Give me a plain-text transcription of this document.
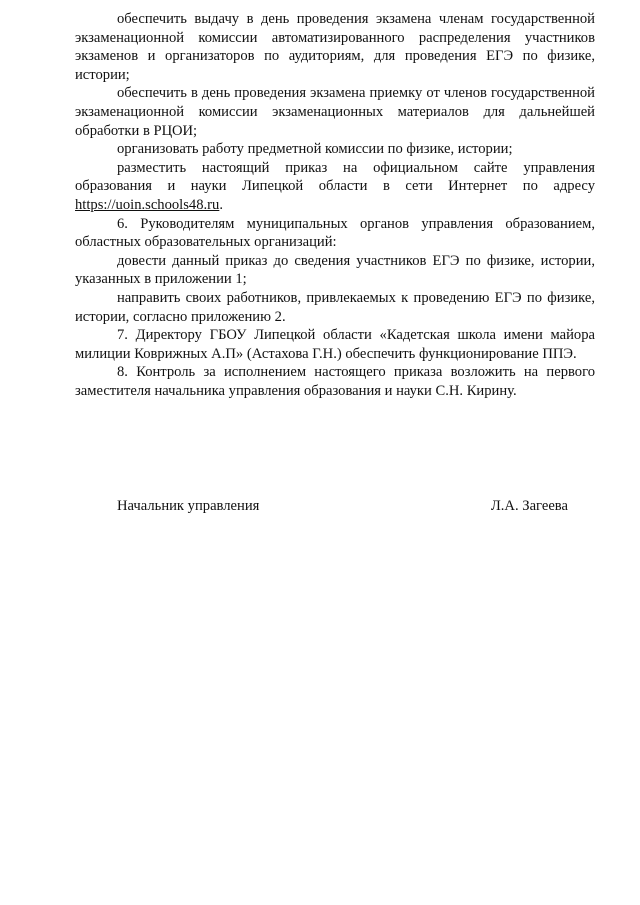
обеспечить выдачу в день проведения экзамена членам государственной экзаменационной комиссии автоматизированного распределения участников экзаменов и организаторов по аудиториям, для проведения ЕГЭ по физике, истории;

обеспечить в день проведения экзамена приемку от членов государственной экзаменационной комиссии экзаменационных материалов для дальнейшей обработки в РЦОИ;

организовать работу предметной комиссии по физике, истории;

разместить настоящий приказ на официальном сайте управления образования и науки Липецкой области в сети Интернет по адресу https://uoin.schools48.ru.

6. Руководителям муниципальных органов управления образованием, областных образовательных организаций:

довести данный приказ до сведения участников ЕГЭ по физике, истории, указанных в приложении 1;

направить своих работников, привлекаемых к проведению ЕГЭ по физике, истории, согласно приложению 2.

7. Директору ГБОУ Липецкой области «Кадетская школа имени майора милиции Коврижных А.П» (Астахова Г.Н.) обеспечить функционирование ППЭ.

8. Контроль за исполнением настоящего приказа возложить на первого заместителя начальника управления образования и науки С.Н. Кирину.

Начальник управления	Л.А. Загеева
